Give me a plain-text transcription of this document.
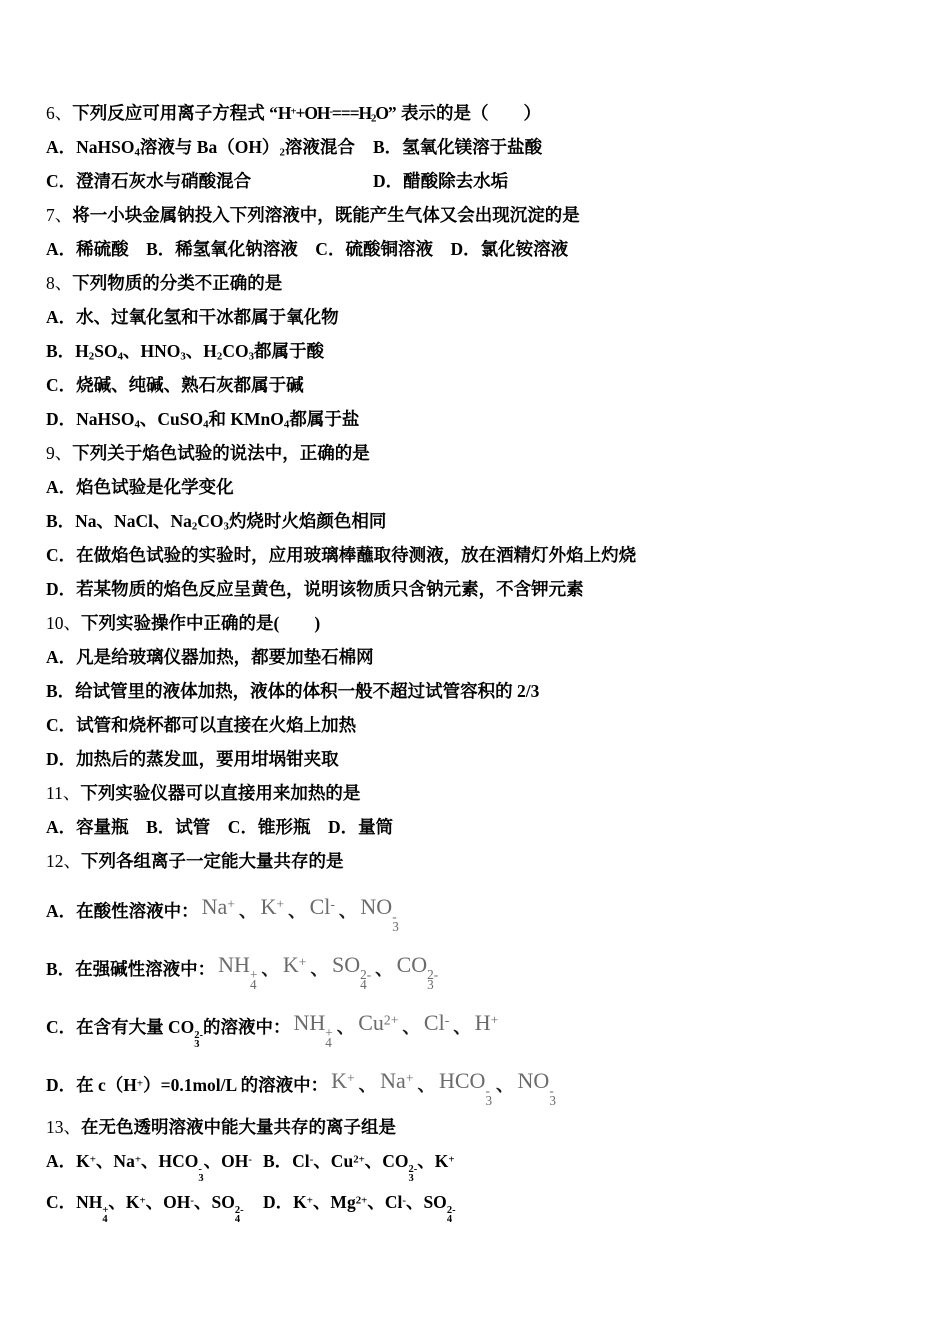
6、下列反应可用离子方程式 “$H^++OH^-===H_2O$” 表示的是（　　）
A．NaHSO$_4$溶液与 $Ba(OH)_2$溶液混合 B．氢氧化镁溶于盐酸
C．澄清石灰水与硝酸混合	D．醋酸除去水垢
7、将一小块金属钠投入下列溶液中，既能产生气体又会出现沉淀的是
A．稀硫酸　B．稀氢氧化钠溶液　C．硫酸铜溶液　D．氯化铵溶液
8、下列物质的分类不正确的是
A．水、过氧化氢和干冰都属于氧化物
B．$H_2SO_4$、$HNO_3$、$H_2CO_3$都属于酸
C．烧碱、纯碱、熟石灰都属于碱
D．NaHSO$_4$、CuSO$_4$和 KMnO$_4$都属于盐
9、下列关于焰色试验的说法中，正确的是
A．焰色试验是化学变化
B．Na、NaCl、$Na_2CO_3$灼烧时火焰颜色相同
C．在做焰色试验的实验时，应用玻璃棒蘸取待测液，放在酒精灯外焰上灼烧
D．若某物质的焰色反应呈黄色，说明该物质只含钠元素，不含钾元素
10、下列实验操作中正确的是(　　)
A．凡是给玻璃仪器加热，都要加垫石棉网
B．给试管里的液体加热，液体的体积一般不超过试管容积的 2/3
C．试管和烧杯都可以直接在火焰上加热
D．加热后的蒸发皿，要用坩埚钳夹取
11、下列实验仪器可以直接用来加热的是
A．容量瓶　B．试管　C．锥形瓶　D．量筒
12、下列各组离子一定能大量共存的是
A．在酸性溶液中： Na+ 、 K+ 、 Cl- 、 NO -
3
B．在强碱性溶液中： NH +
4
、 K+ 、 SO 2-
4
、 CO 2-
3
C．在含有大量 CO 2-
3
的溶液中： NH +
4
、 $Cu^{2+}$ 、 Cl- 、 H+
D．在 c（H+）=0.1mol/L 的溶液中： K+ 、 Na+ 、 HCO -
3
、 NO -
3
13、在无色透明溶液中能大量共存的离子组是
A．K+、Na+、HCO -
3
、OH- B．Cl-、$Cu^{2+}$、CO 2-
3
、K+
C．NH +
4
、K+、OH-、SO 2-
4
D．K+、$Mg^{2+}$、Cl-、SO 2-
4
